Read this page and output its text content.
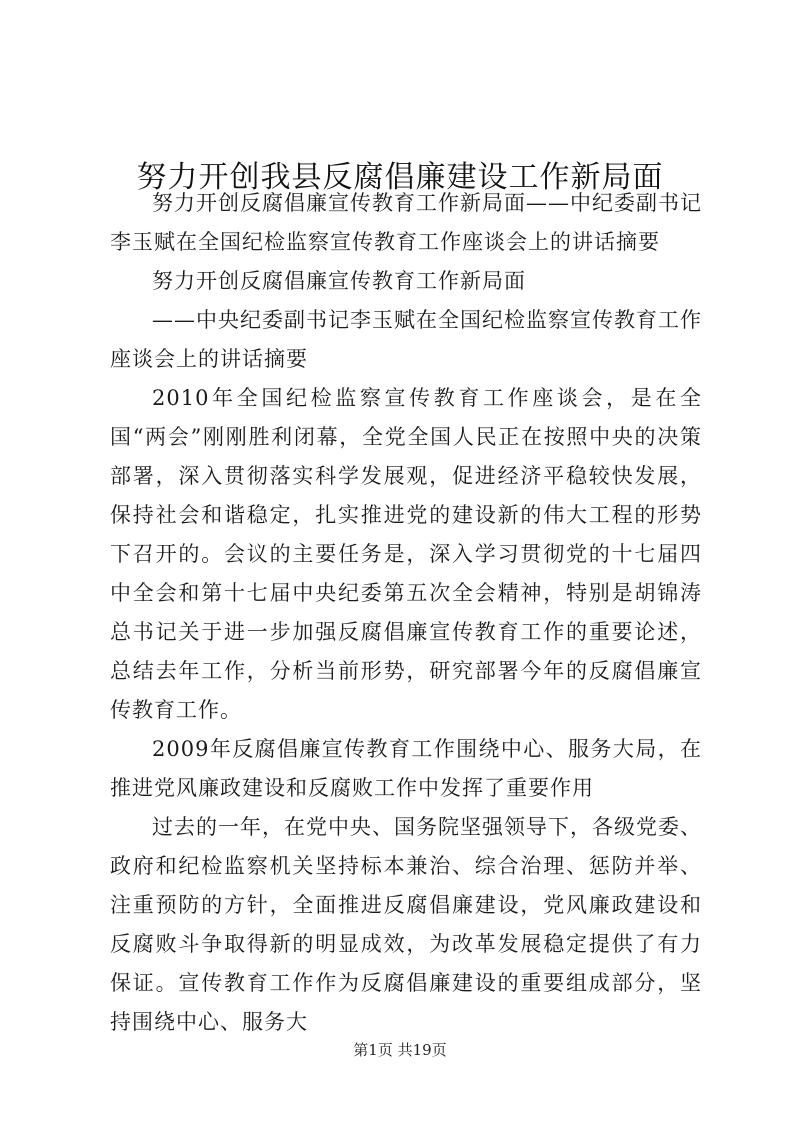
努力开创我县反腐倡廉建设工作新局面

努力开创反腐倡廉宣传教育工作新局面——中纪委副书记李玉赋在全国纪检监察宣传教育工作座谈会上的讲话摘要

努力开创反腐倡廉宣传教育工作新局面

——中央纪委副书记李玉赋在全国纪检监察宣传教育工作座谈会上的讲话摘要

2010年全国纪检监察宣传教育工作座谈会，是在全国“两会”刚刚胜利闭幕，全党全国人民正在按照中央的决策部署，深入贯彻落实科学发展观，促进经济平稳较快发展，保持社会和谐稳定，扎实推进党的建设新的伟大工程的形势下召开的。会议的主要任务是，深入学习贯彻党的十七届四中全会和第十七届中央纪委第五次全会精神，特别是胡锦涛总书记关于进一步加强反腐倡廉宣传教育工作的重要论述，总结去年工作，分析当前形势，研究部署今年的反腐倡廉宣传教育工作。

2009年反腐倡廉宣传教育工作围绕中心、服务大局，在推进党风廉政建设和反腐败工作中发挥了重要作用

过去的一年，在党中央、国务院坚强领导下，各级党委、政府和纪检监察机关坚持标本兼治、综合治理、惩防并举、注重预防的方针，全面推进反腐倡廉建设，党风廉政建设和反腐败斗争取得新的明显成效，为改革发展稳定提供了有力保证。宣传教育工作作为反腐倡廉建设的重要组成部分，坚持围绕中心、服务大

第1页 共19页
